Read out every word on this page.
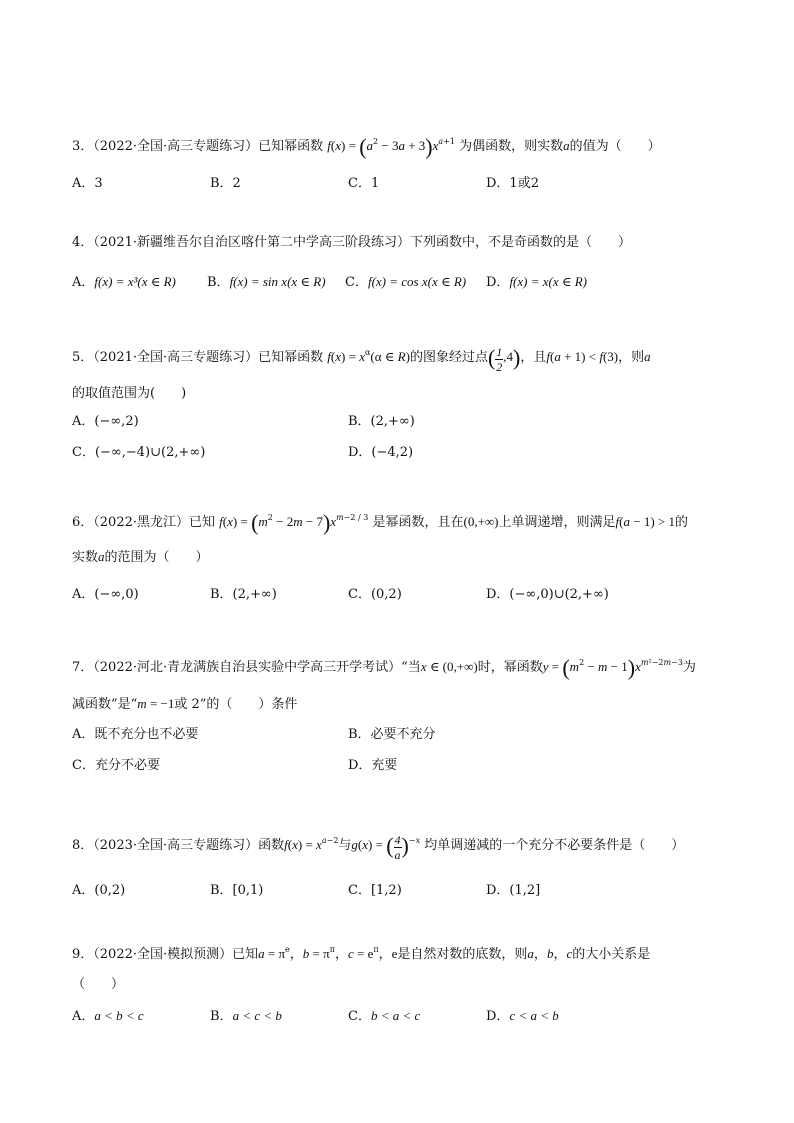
3．（2022·全国·高三专题练习）已知幂函数 $f(x) = (a^2 - 3a + 3)x^{a+1}$ 为偶函数，则实数a的值为（　　）
A．3	B．2	C．1	D．1或2
4．（2021·新疆维吾尔自治区喀什第二中学高三阶段练习）下列函数中，不是奇函数的是（　　）
A．f(x) = x³(x ∈ R) B．f(x) = sin x(x ∈ R) C．f(x) = cos x(x ∈ R) D．f(x) = x(x ∈ R)
5．（2021·全国·高三专题练习）已知幂函数 $f(x) = x^\alpha(\alpha$ ∈ R)的图象经过点( $\frac{1}{2} ,4$)，且f(a + 1) < f(3)，则a
的取值范围为(　　)
A．(−∞,2)	B．(2,+∞)
C．(−∞,−4)∪(2,+∞)	D．(−4,2)
6．（2022·黑龙江）已知 $f(x) = (m^2 - 2m - 7)x^{m-2 / 3}$ 是幂函数，且在(0,+∞)上单调递增，则满足f(a − 1) > 1的
实数a的范围为（　　）
A．(−∞,0)	B．(2,+∞)	C．(0,2)	D．(−∞,0)∪(2,+∞)
7．（2022·河北·青龙满族自治县实验中学高三开学考试）“当x ∈ (0,+∞)时，幂函数$y = (m^2 - m - 1)x^{m^2-2m-3}$为
减函数”是“m = −1或 2”的（　　）条件
A．既不充分也不必要	B．必要不充分
C．充分不必要	D．充要
8．（2023·全国·高三专题练习）函数$f(x) = x^{a-2}$与g(x) = ( $\frac{4}{a} )^{-x}$ 均单调递减的一个充分不必要条件是（　　）
A．(0,2)	B．[0,1)	C．[1,2)	D．(1,2]
9．（2022·全国·模拟预测）已知$a = \pi^e$，$b = \pi^\pi$，$c = e^\pi$，e是自然对数的底数，则a，b，c的大小关系是
（　　）
A．a < b < c	B．a < c < b	C．b < a < c	D．c < a < b
